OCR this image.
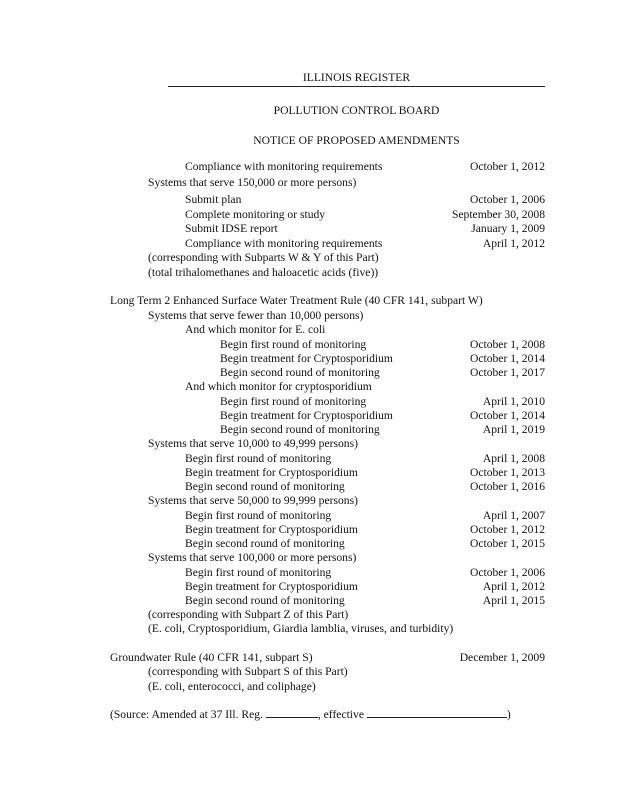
ILLINOIS REGISTER
POLLUTION CONTROL BOARD
NOTICE OF PROPOSED AMENDMENTS
Compliance with monitoring requirements	October 1, 2012
Systems that serve 150,000 or more persons)
Submit plan	October 1, 2006
Complete monitoring or study	September 30, 2008
Submit IDSE report	January 1, 2009
Compliance with monitoring requirements	April 1, 2012
(corresponding with Subparts W & Y of this Part)
(total trihalomethanes and haloacetic acids (five))
Long Term 2 Enhanced Surface Water Treatment Rule (40 CFR 141, subpart W)
Systems that serve fewer than 10,000 persons)
And which monitor for E. coli
Begin first round of monitoring	October 1, 2008
Begin treatment for Cryptosporidium	October 1, 2014
Begin second round of monitoring	October 1, 2017
And which monitor for cryptosporidium
Begin first round of monitoring	April 1, 2010
Begin treatment for Cryptosporidium	October 1, 2014
Begin second round of monitoring	April 1, 2019
Systems that serve 10,000 to 49,999 persons)
Begin first round of monitoring	April 1, 2008
Begin treatment for Cryptosporidium	October 1, 2013
Begin second round of monitoring	October 1, 2016
Systems that serve 50,000 to 99,999 persons)
Begin first round of monitoring	April 1, 2007
Begin treatment for Cryptosporidium	October 1, 2012
Begin second round of monitoring	October 1, 2015
Systems that serve 100,000 or more persons)
Begin first round of monitoring	October 1, 2006
Begin treatment for Cryptosporidium	April 1, 2012
Begin second round of monitoring	April 1, 2015
(corresponding with Subpart Z of this Part)
(E. coli, Cryptosporidium, Giardia lamblia, viruses, and turbidity)
Groundwater Rule (40 CFR 141, subpart S)	December 1, 2009
(corresponding with Subpart S of this Part)
(E. coli, enterococci, and coliphage)
(Source: Amended at 37 Ill. Reg.	, effective	)
